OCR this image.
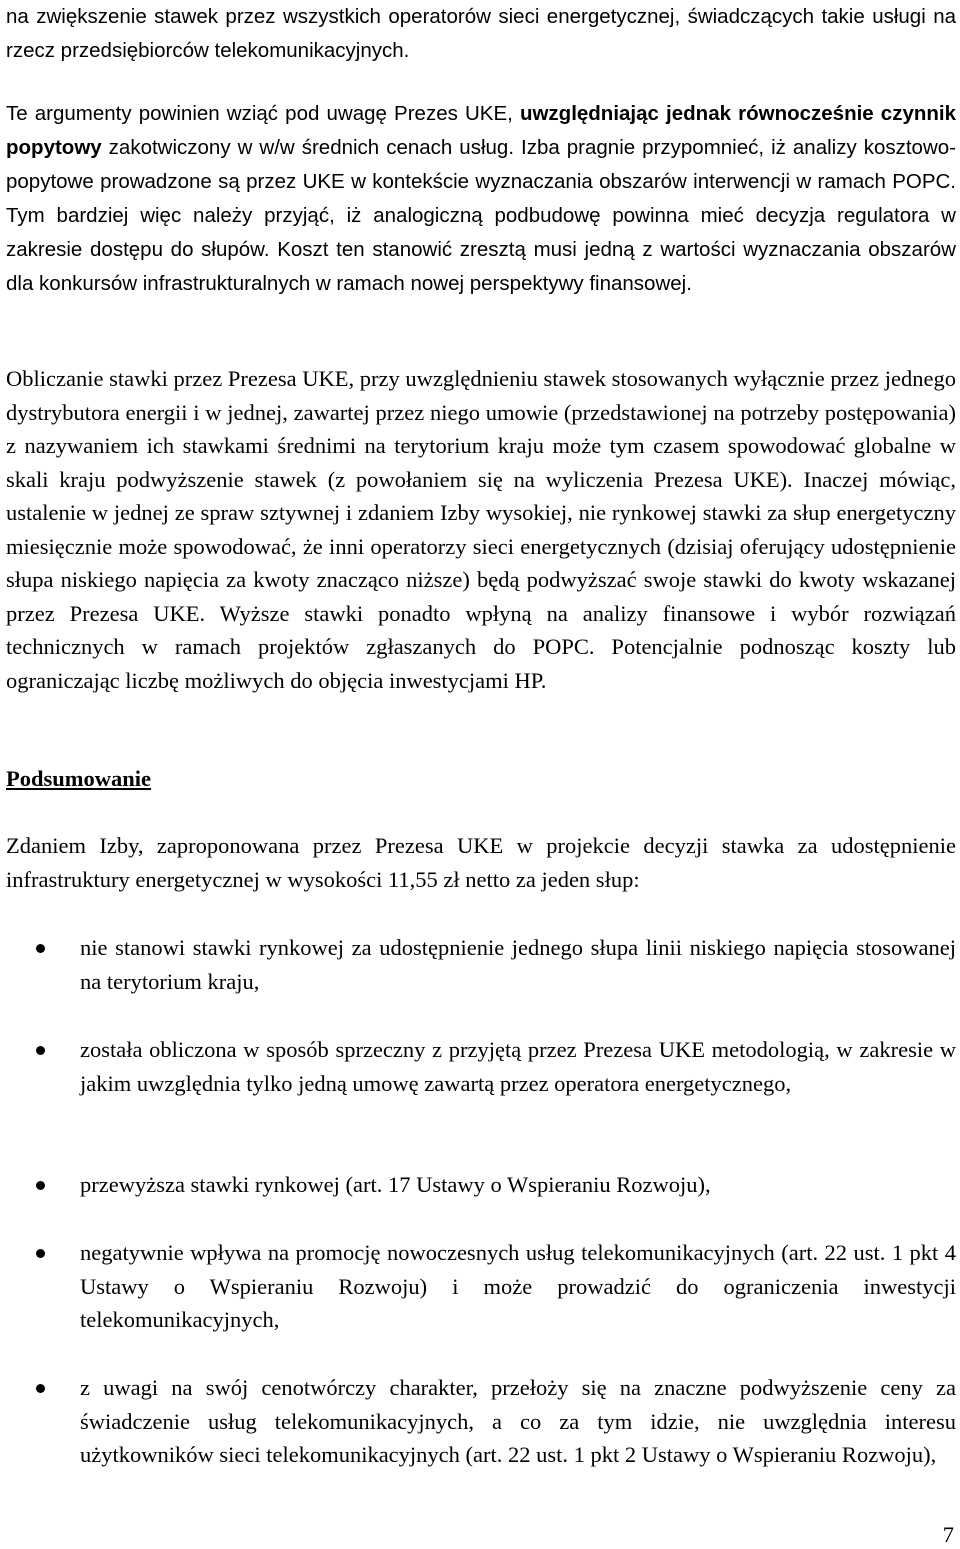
na zwiększenie stawek przez wszystkich operatorów sieci energetycznej, świadczących takie usługi na rzecz przedsiębiorców telekomunikacyjnych.

Te argumenty powinien wziąć pod uwagę Prezes UKE, uwzględniając jednak równocześnie czynnik popytowy zakotwiczony w w/w średnich cenach usług. Izba pragnie przypomnieć, iż analizy kosztowo-popytowe prowadzone są przez UKE w kontekście wyznaczania obszarów interwencji w ramach POPC. Tym bardziej więc należy przyjąć, iż analogiczną podbudowę powinna mieć decyzja regulatora w zakresie dostępu do słupów. Koszt ten stanowić zresztą musi jedną z wartości wyznaczania obszarów dla konkursów infrastrukturalnych w ramach nowej perspektywy finansowej.

Obliczanie stawki przez Prezesa UKE, przy uwzględnieniu stawek stosowanych wyłącznie przez jednego dystrybutora energii i w jednej, zawartej przez niego umowie (przedstawionej na potrzeby postępowania) z nazywaniem ich stawkami średnimi na terytorium kraju może tym czasem spowodować globalne w skali kraju podwyższenie stawek (z powołaniem się na wyliczenia Prezesa UKE). Inaczej mówiąc, ustalenie w jednej ze spraw sztywnej i zdaniem Izby wysokiej, nie rynkowej stawki za słup energetyczny miesięcznie może spowodować, że inni operatorzy sieci energetycznych (dzisiaj oferujący udostępnienie słupa niskiego napięcia za kwoty znacząco niższe) będą podwyższać swoje stawki do kwoty wskazanej przez Prezesa UKE. Wyższe stawki ponadto wpłyną na analizy finansowe i wybór rozwiązań technicznych w ramach projektów zgłaszanych do POPC. Potencjalnie podnosząc koszty lub ograniczając liczbę możliwych do objęcia inwestycjami HP.

Podsumowanie

Zdaniem Izby, zaproponowana przez Prezesa UKE w projekcie decyzji stawka za udostępnienie infrastruktury energetycznej w wysokości 11,55 zł netto za jeden słup:

nie stanowi stawki rynkowej za udostępnienie jednego słupa linii niskiego napięcia stosowanej na terytorium kraju,
została obliczona w sposób sprzeczny z przyjętą przez Prezesa UKE metodologią, w zakresie w jakim uwzględnia tylko jedną umowę zawartą przez operatora energetycznego,
przewyższa stawki rynkowej (art. 17 Ustawy o Wspieraniu Rozwoju),
negatywnie wpływa na promocję nowoczesnych usług telekomunikacyjnych (art. 22 ust. 1 pkt 4 Ustawy o Wspieraniu Rozwoju) i może prowadzić do ograniczenia inwestycji telekomunikacyjnych,
z uwagi na swój cenotwórczy charakter, przełoży się na znaczne podwyższenie ceny za świadczenie usług telekomunikacyjnych, a co za tym idzie, nie uwzględnia interesu użytkowników sieci telekomunikacyjnych (art. 22 ust. 1 pkt 2 Ustawy o Wspieraniu Rozwoju),
7
